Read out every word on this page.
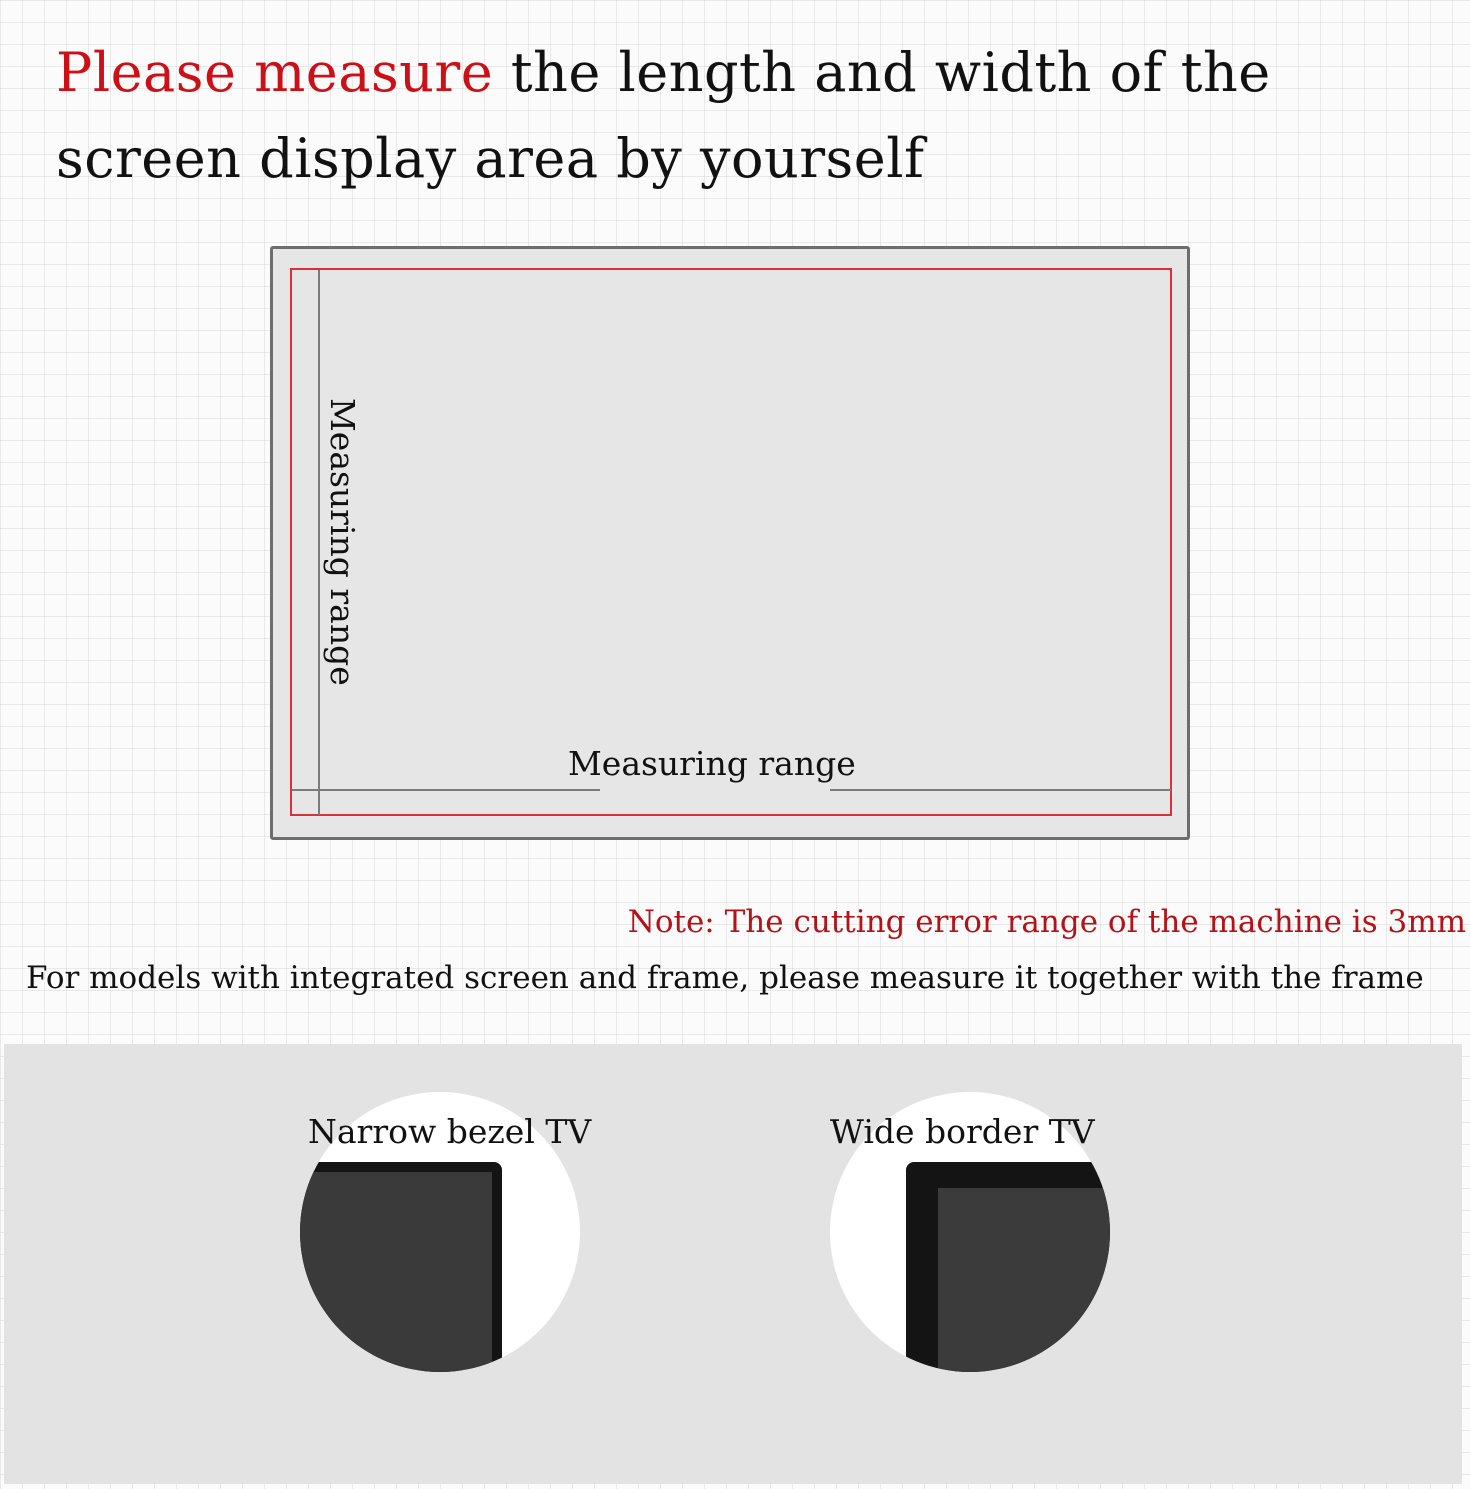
Please measure the length and width of the screen display area by yourself
Measuring range
Measuring range
Note: The cutting error range of the machine is 3mm
For models with integrated screen and frame, please measure it together with the frame
Narrow bezel TV	Wide border TV
